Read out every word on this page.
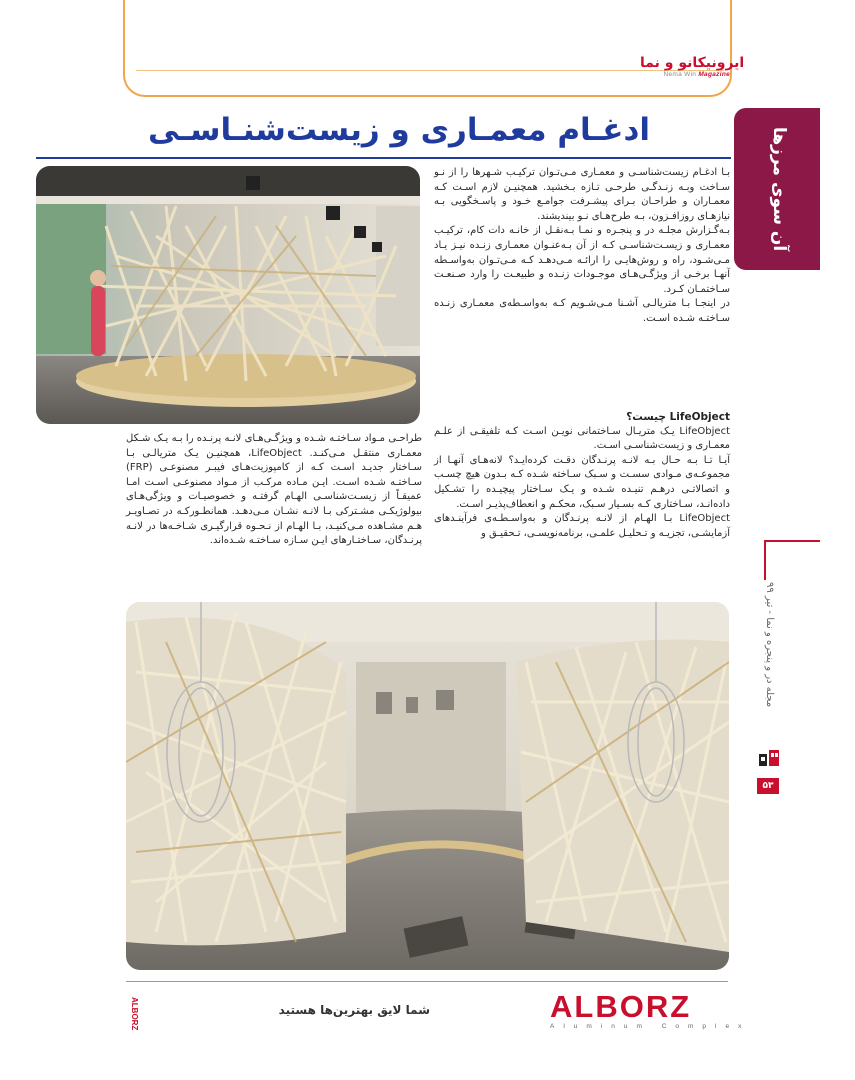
ایرونیکانو و نما
Nema Win Magazine
آن سوی مرزها
ادغـام معمـاری و زیست‌شنـاسـی

بـا ادغـام زیست‌شناسـی و معمـاری مـی‌تـوان ترکیـب شـهرها را از نـو سـاخت وبـه زنـدگـی طرحـی تـازه بـخشید. همچنیـن لازم اسـت کـه معمـاران و طراحـان بـرای پیشـرفت جوامـع خـود و پاسـخگویی بـه نیازهـای روزافـزون، بـه طرح‌هـای نـو بیندیشند.

بـه‌گـزارش مجلـه در و پنجـره و نمـا بـه‌نقـل از خانـه دات کام، ترکیـب معمـاری و زیسـت‌شناسـی کـه از آن بـه‌عنـوان معمـاری زنـده نیـز یـاد مـی‌شـود، راه و روش‌هایـی را ارائـه مـی‌دهـد کـه مـی‌تـوان به‌واسـطه آنهـا برخـی از ویژگـی‌هـای موجـودات زنـده و طبیعـت را وارد صـنعـت سـاختمـان کـرد.

در اینجـا بـا متریالـی آشـنا مـی‌شـویم کـه به‌واسـطه‌ی معمـاری زنـده سـاختـه شـده اسـت.

LifeObject چیست؟

LifeObject یـک متریـال سـاختمانی نویـن اسـت کـه تلفیقـی از علـم معمـاری و زیست‌شناسـی اسـت.

آیـا تـا بـه حـال بـه لانـه پرنـدگان دقـت کرده‌ایـد؟ لانه‌هـای آنهـا از مجموعـه‌ی مـوادی سسـت و سـبک سـاخته شـده کـه بـدون هیچ چسـب و اتصالاتـی درهـم تنیـده شـده و یـک سـاختار پیچیـده را تشـکیل داده‌انـد، سـاختاری کـه بسـیار سـبک، محکـم و انعطاف‌پذیـر اسـت.

LifeObject بـا الهـام از لانـه پرنـدگان و به‌واسـطـه‌ی فرآینـدهای آزمایشـی، تجزیـه و تـحلیـل علمـی، برنامه‌نویسـی، تـحقیـق و

طراحـی مـواد سـاختـه شـده و ویژگـی‌هـای لانـه پرنـده را بـه یـک شـکل معمـاری منتقـل مـی‌کنـد. LifeObject، همچنیـن یـک متریالـی بـا سـاختار جدیـد اسـت کـه از کامپوزیت‌هـای فیبـر مصنوعـی (FRP) سـاختـه شـده اسـت. ایـن مـاده مرکـب از مـواد مصنوعـی اسـت امـا عمیقـاً از زیسـت‌شناسـی الهـام گرفتـه و خصوصیـات و ویژگی‌هـای بیولوژیکـی مشـترکی بـا لانـه نشـان مـی‌دهـد. همانطـورکـه در تصـاویـر هـم مشـاهده مـی‌کنیـد، بـا الهـام از نـحـوه قرارگیـری شـاخـه‌ها در لانـه پرنـدگان، سـاختـارهای ایـن سـازه سـاختـه شـده‌اند.

مجله در و پنجره و نما - تیر ۹۹
۵۳
ALBORZ	شما لایق بهترین‌ها هستید	ALBORZ
Aluminum Complex
